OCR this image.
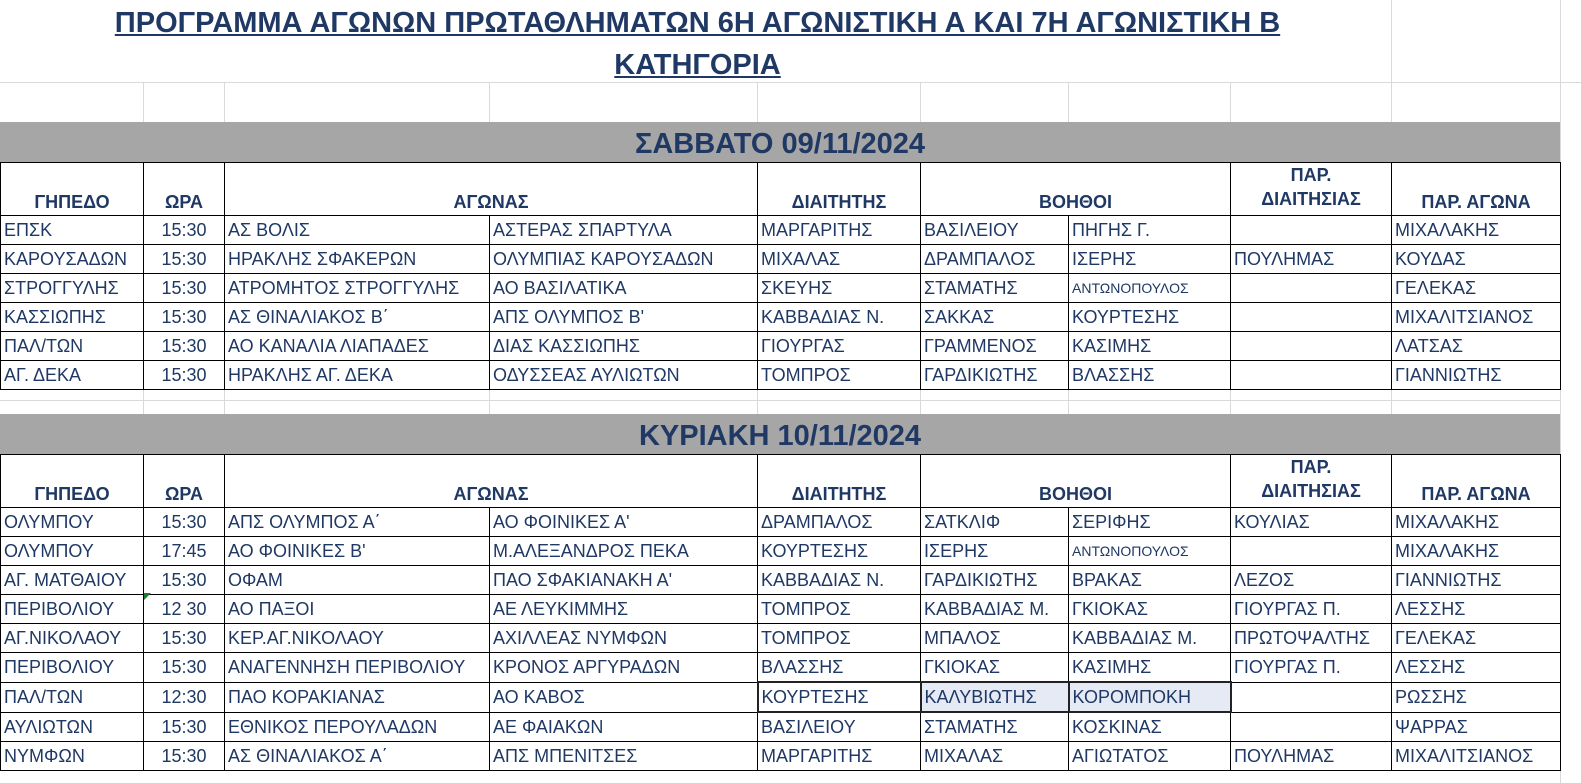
ΠΡΟΓΡΑΜΜΑ ΑΓΩΝΩΝ ΠΡΩΤΑΘΛΗΜΑΤΩΝ 6Η ΑΓΩΝΙΣΤΙΚΗ Α ΚΑΙ 7Η ΑΓΩΝΙΣΤΙΚΗ Β
ΚΑΤΗΓΟΡΙΑ
ΣΑΒΒΑΤΟ 09/11/2024
ΓΗΠΕΔΟ	ΩΡΑ	ΑΓΩΝΑΣ		ΔΙΑΙΤΗΤΗΣ	ΒΟΗΘΟΙ		ΠΑΡ.
ΔΙΑΙΤΗΣΙΑΣ	ΠΑΡ. ΑΓΩΝΑ
ΕΠΣΚ	15:30	ΑΣ ΒΟΛΙΣ	ΑΣΤΕΡΑΣ ΣΠΑΡΤΥΛΑ	ΜΑΡΓΑΡΙΤΗΣ	ΒΑΣΙΛΕΙΟΥ	ΠΗΓΗΣ Γ.		ΜΙΧΑΛΑΚΗΣ
ΚΑΡΟΥΣΑΔΩΝ	15:30	ΗΡΑΚΛΗΣ ΣΦΑΚΕΡΩΝ	ΟΛΥΜΠΙΑΣ ΚΑΡΟΥΣΑΔΩΝ	ΜΙΧΑΛΑΣ	ΔΡΑΜΠΑΛΟΣ	ΙΣΕΡΗΣ	ΠΟΥΛΗΜΑΣ	ΚΟΥΔΑΣ
ΣΤΡΟΓΓΥΛΗΣ	15:30	ΑΤΡΟΜΗΤΟΣ ΣΤΡΟΓΓΥΛΗΣ	ΑΟ ΒΑΣΙΛΑΤΙΚΑ	ΣΚΕΥΗΣ	ΣΤΑΜΑΤΗΣ	ΑΝΤΩΝΟΠΟΥΛΟΣ		ΓΕΛΕΚΑΣ
ΚΑΣΣΙΩΠΗΣ	15:30	ΑΣ ΘΙΝΑΛΙΑΚΟΣ Β΄	ΑΠΣ ΟΛΥΜΠΟΣ Β'	ΚΑΒΒΑΔΙΑΣ Ν.	ΣΑΚΚΑΣ	ΚΟΥΡΤΕΣΗΣ		ΜΙΧΑΛΙΤΣΙΑΝΟΣ
ΠΑΛ/ΤΩΝ	15:30	ΑΟ ΚΑΝΑΛΙΑ ΛΙΑΠΑΔΕΣ	ΔΙΑΣ ΚΑΣΣΙΩΠΗΣ	ΓΙΟΥΡΓΑΣ	ΓΡΑΜΜΕΝΟΣ	ΚΑΣΙΜΗΣ		ΛΑΤΣΑΣ
ΑΓ. ΔΕΚΑ	15:30	ΗΡΑΚΛΗΣ ΑΓ. ΔΕΚΑ	ΟΔΥΣΣΕΑΣ ΑΥΛΙΩΤΩΝ	ΤΟΜΠΡΟΣ	ΓΑΡΔΙΚΙΩΤΗΣ	ΒΛΑΣΣΗΣ		ΓΙΑΝΝΙΩΤΗΣ
ΚΥΡΙΑΚΗ 10/11/2024
ΓΗΠΕΔΟ	ΩΡΑ	ΑΓΩΝΑΣ		ΔΙΑΙΤΗΤΗΣ	ΒΟΗΘΟΙ		ΠΑΡ.
ΔΙΑΙΤΗΣΙΑΣ	ΠΑΡ. ΑΓΩΝΑ
ΟΛΥΜΠΟΥ	15:30	ΑΠΣ ΟΛΥΜΠΟΣ Α΄	ΑΟ ΦΟΙΝΙΚΕΣ Α'	ΔΡΑΜΠΑΛΟΣ	ΣΑΤΚΛΙΦ	ΣΕΡΙΦΗΣ	ΚΟΥΛΙΑΣ	ΜΙΧΑΛΑΚΗΣ
ΟΛΥΜΠΟΥ	17:45	ΑΟ ΦΟΙΝΙΚΕΣ Β'	Μ.ΑΛΕΞΑΝΔΡΟΣ ΠΕΚΑ	ΚΟΥΡΤΕΣΗΣ	ΙΣΕΡΗΣ	ΑΝΤΩΝΟΠΟΥΛΟΣ		ΜΙΧΑΛΑΚΗΣ
ΑΓ. ΜΑΤΘΑΙΟΥ	15:30	ΟΦΑΜ	ΠΑΟ ΣΦΑΚΙΑΝΑΚΗ Α'	ΚΑΒΒΑΔΙΑΣ Ν.	ΓΑΡΔΙΚΙΩΤΗΣ	ΒΡΑΚΑΣ	ΛΕΖΟΣ	ΓΙΑΝΝΙΩΤΗΣ
ΠΕΡΙΒΟΛΙΟΥ	12 30	ΑΟ ΠΑΞΟΙ	ΑΕ ΛΕΥΚΙΜΜΗΣ	ΤΟΜΠΡΟΣ	ΚΑΒΒΑΔΙΑΣ Μ.	ΓΚΙΟΚΑΣ	ΓΙΟΥΡΓΑΣ Π.	ΛΕΣΣΗΣ
ΑΓ.ΝΙΚΟΛΑΟΥ	15:30	ΚΕΡ.ΑΓ.ΝΙΚΟΛΑΟΥ	ΑΧΙΛΛΕΑΣ ΝΥΜΦΩΝ	ΤΟΜΠΡΟΣ	ΜΠΑΛΟΣ	ΚΑΒΒΑΔΙΑΣ Μ.	ΠΡΩΤΟΨΑΛΤΗΣ	ΓΕΛΕΚΑΣ
ΠΕΡΙΒΟΛΙΟΥ	15:30	ΑΝΑΓΕΝΝΗΣΗ ΠΕΡΙΒΟΛΙΟΥ	ΚΡΟΝΟΣ ΑΡΓΥΡΑΔΩΝ	ΒΛΑΣΣΗΣ	ΓΚΙΟΚΑΣ	ΚΑΣΙΜΗΣ	ΓΙΟΥΡΓΑΣ Π.	ΛΕΣΣΗΣ
ΠΑΛ/ΤΩΝ	12:30	ΠΑΟ ΚΟΡΑΚΙΑΝΑΣ	ΑΟ ΚΑΒΟΣ	ΚΟΥΡΤΕΣΗΣ	ΚΑΛΥΒΙΩΤΗΣ	ΚΟΡΟΜΠΟΚΗ		ΡΩΣΣΗΣ
ΑΥΛΙΩΤΩΝ	15:30	ΕΘΝΙΚΟΣ ΠΕΡΟΥΛΑΔΩΝ	ΑΕ ΦΑΙΑΚΩΝ	ΒΑΣΙΛΕΙΟΥ	ΣΤΑΜΑΤΗΣ	ΚΟΣΚΙΝΑΣ		ΨΑΡΡΑΣ
ΝΥΜΦΩΝ	15:30	ΑΣ ΘΙΝΑΛΙΑΚΟΣ Α΄	ΑΠΣ ΜΠΕΝΙΤΣΕΣ	ΜΑΡΓΑΡΙΤΗΣ	ΜΙΧΑΛΑΣ	ΑΓΙΩΤΑΤΟΣ	ΠΟΥΛΗΜΑΣ	ΜΙΧΑΛΙΤΣΙΑΝΟΣ
